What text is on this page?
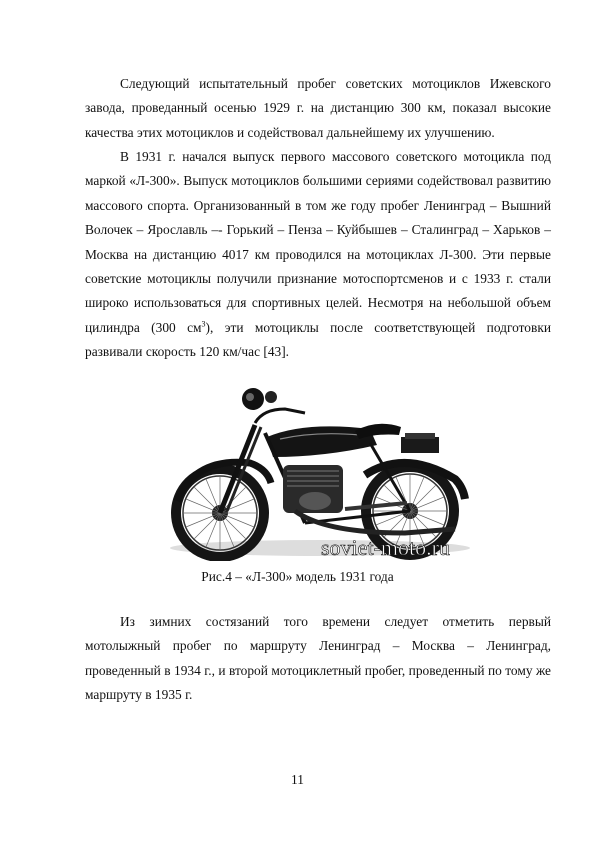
Следующий испытательный пробег советских мотоциклов Ижевского завода, проведанный осенью 1929 г. на дистанцию 300 км, показал высокие качества этих мотоциклов и содействовал дальнейшему их улучшению.

В 1931 г. начался выпуск первого массового советского мотоцикла под маркой «Л-300». Выпуск мотоциклов большими сериями содействовал развитию массового спорта. Организованный в том же году пробег Ленинград – Вышний Волочек – Ярославль –- Горький – Пенза – Куйбышев – Сталинград – Харьков – Москва на дистанцию 4017 км проводился на мотоциклах Л-300. Эти первые советские мотоциклы получили признание мотоспортсменов и с 1933 г. стали широко использоваться для спортивных целей. Несмотря на небольшой объем цилиндра (300 $см^3$), эти мотоциклы после соответствующей подготовки развивали скорость 120 км/час [43].

soviet-moto.ru
Рис.4 – «Л-300» модель 1931 года

Из зимних состязаний того времени следует отметить первый мотолыжный пробег по маршруту Ленинград – Москва – Ленинград, проведенный в 1934 г., и второй мотоциклетный пробег, проведенный по тому же маршруту в 1935 г.

11
